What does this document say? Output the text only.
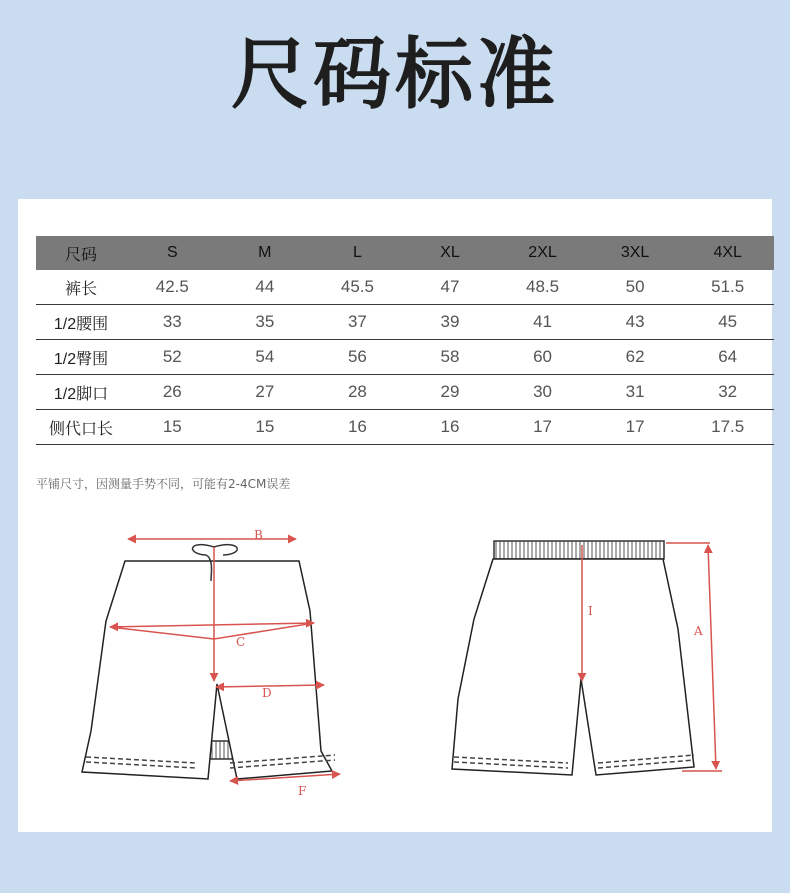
尺码标准
尺码	S	M	L	XL	2XL	3XL	4XL
裤长	42.5	44	45.5	47	48.5	50	51.5
1/2腰围	33	35	37	39	41	43	45
1/2臀围	52	54	56	58	60	62	64
1/2脚口	26	27	28	29	30	31	32
侧代口长	15	15	16	16	17	17	17.5
平铺尺寸，因测量手势不同，可能有2-4CM误差
B
C
D
F
I
A
